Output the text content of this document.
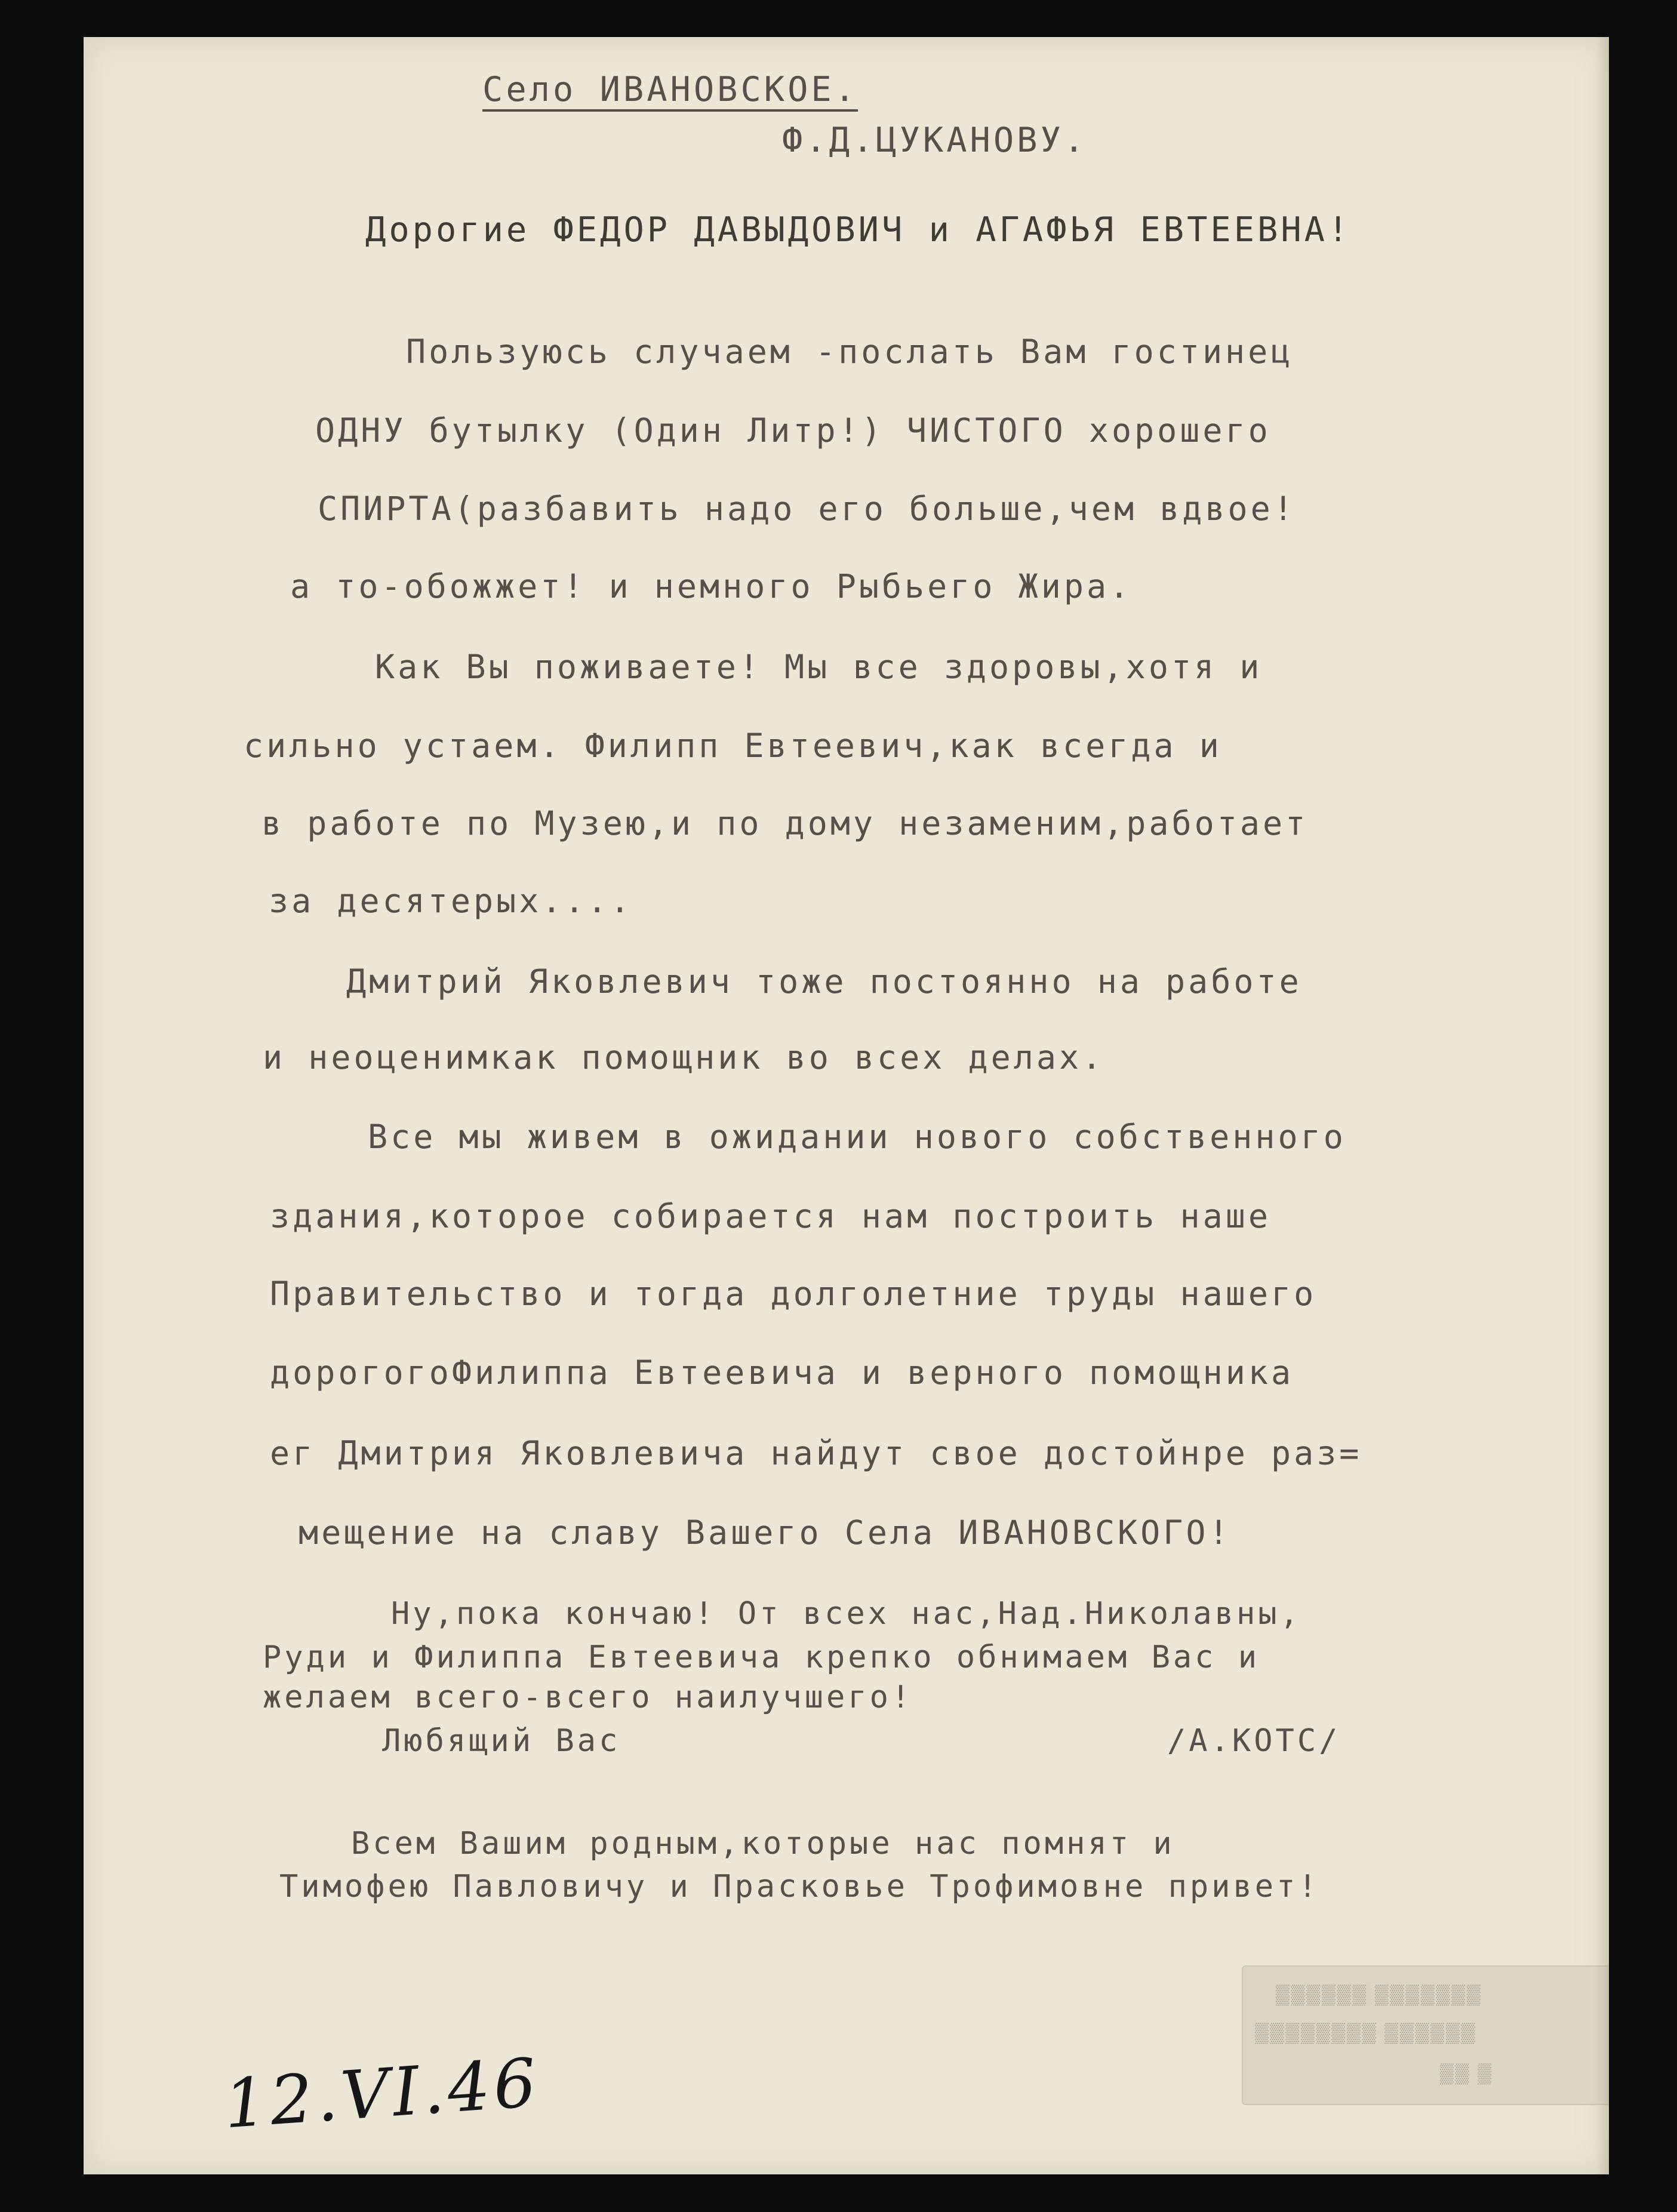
Село ИВАНОВСКОЕ.
Ф.Д.ЦУКАНОВУ.
Дорогие ФЕДОР ДАВЫДОВИЧ и АГАФЬЯ ЕВТЕЕВНА!
Пользуюсь случаем -послать Вам гостинец
ОДНУ бутылку (Один Литр!) ЧИСТОГО хорошего
СПИРТА(разбавить надо его больше,чем вдвое!
а то-обожжет! и немного Рыбьего Жира.
Как Вы поживаете! Мы все здоровы,хотя и
сильно устаем. Филипп Евтеевич,как всегда и
в работе по Музею,и по дому незаменим,работает
за десятерых....
Дмитрий Яковлевич тоже постоянно на работе
и неоценимкак помощник во всех делах.
Все мы живем в ожидании нового собственного
здания,которое собирается нам построить наше
Правительство и тогда долголетние труды нашего
дорогогоФилиппа Евтеевича и верного помощника
ег Дмитрия Яковлевича найдут свое достойнре раз=
мещение на славу Вашего Села ИВАНОВСКОГО!
Ну,пока кончаю! От всех нас,Над.Николавны,
Руди и Филиппа Евтеевича крепко обнимаем Вас и
желаем всего-всего наилучшего!
Любящий Вас	/А.КОТС/
Всем Вашим родным,которые нас помнят и
Тимофею Павловичу и Прасковье Трофимовне привет!
▒▒▒▒▒▒ ▒▒▒▒▒▒▒
▒▒▒▒▒▒▒▒ ▒▒▒▒▒▒
▒▒ ▒
12.VI.46
